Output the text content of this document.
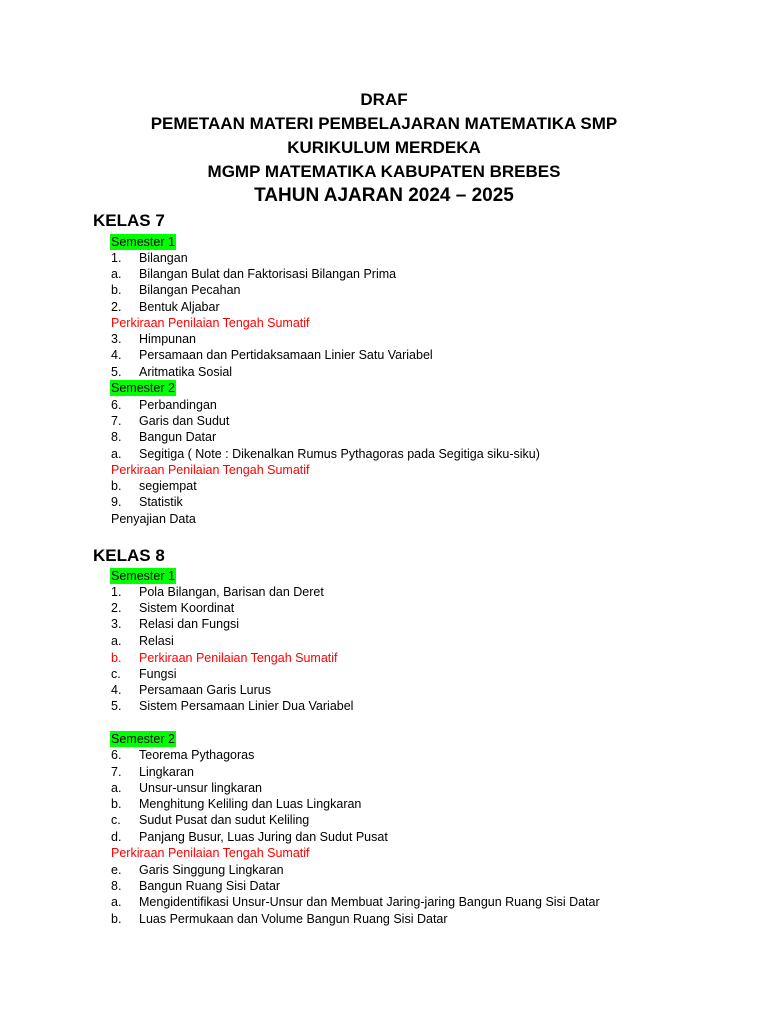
DRAF
PEMETAAN MATERI PEMBELAJARAN MATEMATIKA SMP
KURIKULUM MERDEKA
MGMP MATEMATIKA KABUPATEN BREBES
TAHUN AJARAN 2024 – 2025
KELAS 7
Semester 1
1. Bilangan
a. Bilangan Bulat dan Faktorisasi Bilangan Prima
b. Bilangan Pecahan
2. Bentuk Aljabar
Perkiraan Penilaian Tengah Sumatif
3. Himpunan
4. Persamaan dan Pertidaksamaan Linier Satu Variabel
5. Aritmatika Sosial
Semester 2
6. Perbandingan
7. Garis dan Sudut
8. Bangun Datar
a. Segitiga ( Note : Dikenalkan Rumus Pythagoras pada Segitiga siku-siku)
Perkiraan Penilaian Tengah Sumatif
b. segiempat
9. Statistik
Penyajian Data
KELAS 8
Semester 1
1. Pola Bilangan, Barisan dan Deret
2. Sistem Koordinat
3. Relasi dan Fungsi
a. Relasi
b. Perkiraan Penilaian Tengah Sumatif
c. Fungsi
4. Persamaan Garis Lurus
5. Sistem Persamaan Linier Dua Variabel
Semester 2
6. Teorema Pythagoras
7. Lingkaran
a. Unsur-unsur lingkaran
b. Menghitung Keliling dan Luas Lingkaran
c. Sudut Pusat dan sudut Keliling
d. Panjang Busur, Luas Juring dan Sudut Pusat
Perkiraan Penilaian Tengah Sumatif
e. Garis Singgung Lingkaran
8. Bangun Ruang Sisi Datar
a. Mengidentifikasi Unsur-Unsur dan Membuat Jaring-jaring Bangun Ruang Sisi Datar
b. Luas Permukaan dan Volume Bangun Ruang Sisi Datar
